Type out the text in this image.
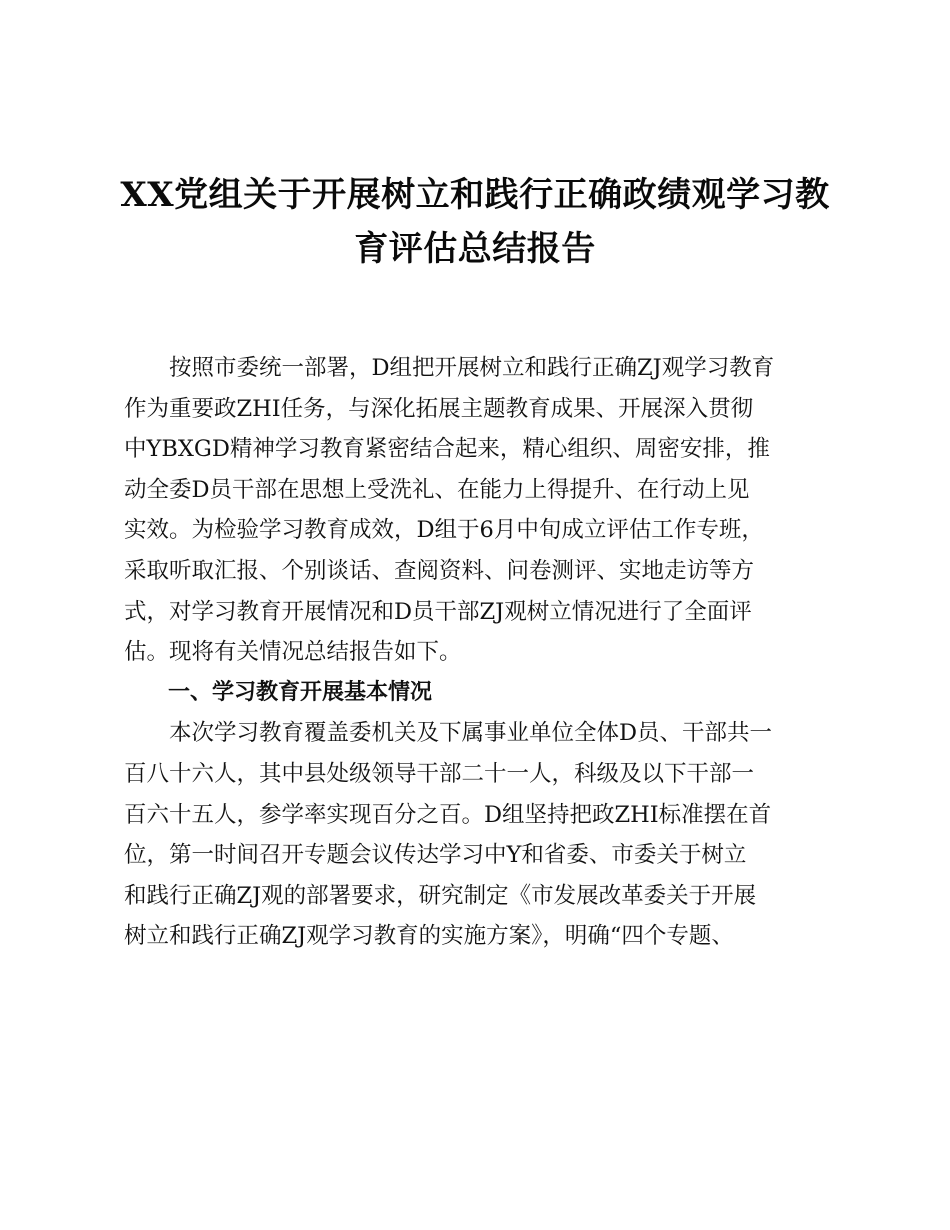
XX党组关于开展树立和践行正确政绩观学习教
育评估总结报告
　　按照市委统一部署，D组把开展树立和践行正确ZJ观学习教育
作为重要政ZHI任务，与深化拓展主题教育成果、开展深入贯彻
中YBXGD精神学习教育紧密结合起来，精心组织、周密安排，推
动全委D员干部在思想上受洗礼、在能力上得提升、在行动上见
实效。为检验学习教育成效，D组于6月中旬成立评估工作专班，
采取听取汇报、个别谈话、查阅资料、问卷测评、实地走访等方
式，对学习教育开展情况和D员干部ZJ观树立情况进行了全面评
估。现将有关情况总结报告如下。
　　一、学习教育开展基本情况
　　本次学习教育覆盖委机关及下属事业单位全体D员、干部共一
百八十六人，其中县处级领导干部二十一人，科级及以下干部一
百六十五人，参学率实现百分之百。D组坚持把政ZHI标准摆在首
位，第一时间召开专题会议传达学习中Y和省委、市委关于树立
和践行正确ZJ观的部署要求，研究制定《市发展改革委关于开展
树立和践行正确ZJ观学习教育的实施方案》，明确“四个专题、
